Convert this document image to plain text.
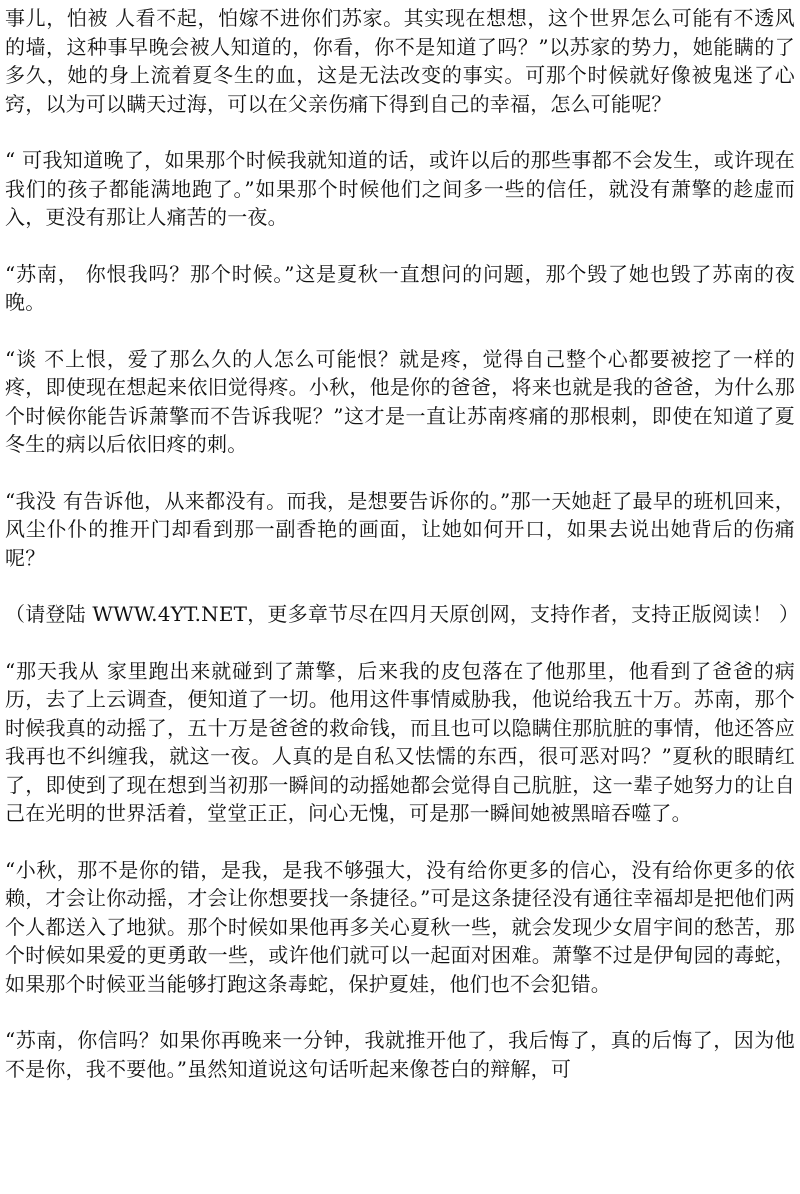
事儿，怕被 人看不起，怕嫁不进你们苏家。其实现在想想，这个世界怎么可能有不透风的墙，这种事早晚会被人知道的，你看，你不是知道了吗？”以苏家的势力，她能瞒的了多久，她的身上流着夏冬生的血，这是无法改变的事实。可那个时候就好像被鬼迷了心窍，以为可以瞒天过海，可以在父亲伤痛下得到自己的幸福，怎么可能呢？

“ 可我知道晚了，如果那个时候我就知道的话，或许以后的那些事都不会发生，或许现在我们的孩子都能满地跑了。”如果那个时候他们之间多一些的信任，就没有萧擎的趁虚而入，更没有那让人痛苦的一夜。

“苏南， 你恨我吗？那个时候。”这是夏秋一直想问的问题，那个毁了她也毁了苏南的夜晚。

“谈 不上恨，爱了那么久的人怎么可能恨？就是疼，觉得自己整个心都要被挖了一样的疼，即使现在想起来依旧觉得疼。小秋，他是你的爸爸，将来也就是我的爸爸，为什么那个时候你能告诉萧擎而不告诉我呢？”这才是一直让苏南疼痛的那根刺，即使在知道了夏冬生的病以后依旧疼的刺。

“我没 有告诉他，从来都没有。而我，是想要告诉你的。”那一天她赶了最早的班机回来，风尘仆仆的推开门却看到那一副香艳的画面，让她如何开口，如果去说出她背后的伤痛呢？

（请登陆 WWW.4YT.NET，更多章节尽在四月天原创网，支持作者，支持正版阅读！ ）

“那天我从 家里跑出来就碰到了萧擎，后来我的皮包落在了他那里，他看到了爸爸的病历，去了上云调查，便知道了一切。他用这件事情威胁我，他说给我五十万。苏南，那个时候我真的动摇了，五十万是爸爸的救命钱，而且也可以隐瞒住那肮脏的事情，他还答应我再也不纠缠我，就这一夜。人真的是自私又怯懦的东西，很可恶对吗？”夏秋的眼睛红了，即使到了现在想到当初那一瞬间的动摇她都会觉得自己肮脏，这一辈子她努力的让自己在光明的世界活着，堂堂正正，问心无愧，可是那一瞬间她被黑暗吞噬了。

“小秋，那不是你的错，是我，是我不够强大，没有给你更多的信心，没有给你更多的依赖，才会让你动摇，才会让你想要找一条捷径。”可是这条捷径没有通往幸福却是把他们两个人都送入了地狱。那个时候如果他再多关心夏秋一些，就会发现少女眉宇间的愁苦，那个时候如果爱的更勇敢一些，或许他们就可以一起面对困难。萧擎不过是伊甸园的毒蛇，如果那个时候亚当能够打跑这条毒蛇，保护夏娃，他们也不会犯错。

“苏南，你信吗？如果你再晚来一分钟，我就推开他了，我后悔了，真的后悔了，因为他不是你，我不要他。”虽然知道说这句话听起来像苍白的辩解，可
